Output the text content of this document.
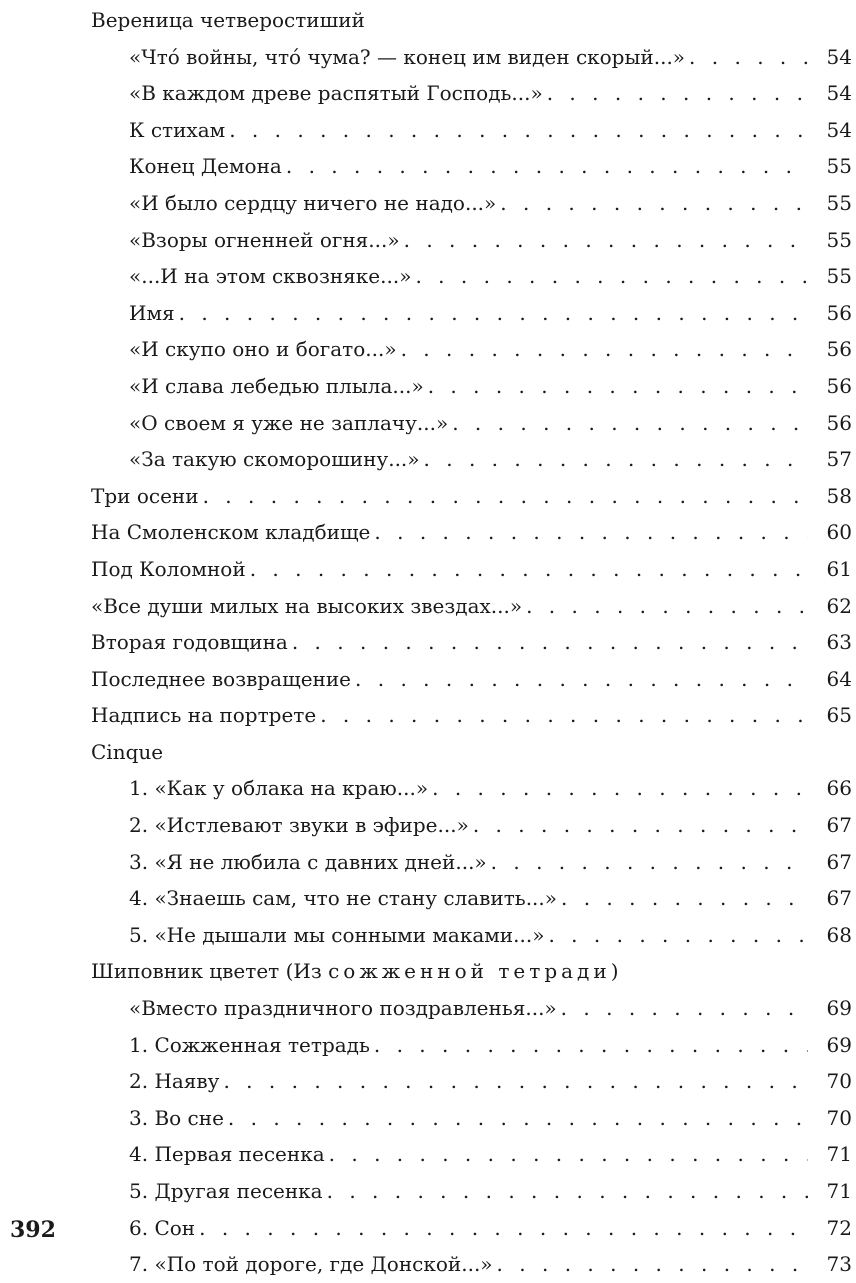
Вереница четверостиший
«Чтó войны, чтó чума? — конец им виден скорый...» . . .	54
«В каждом древе распятый Господь...» . . .	54
К стихам . . .	54
Конец Демона . . .	55
«И было сердцу ничего не надо...» . . .	55
«Взоры огненней огня...» . . .	55
«...И на этом сквозняке...» . . .	55
Имя . . .	56
«И скупо оно и богато...» . . .	56
«И слава лебедью плыла...» . . .	56
«О своем я уже не заплачу...» . . .	56
«За такую скоморошину...» . . .	57
Три осени . . .	58
На Смоленском кладбище . . .	60
Под Коломной . . .	61
«Все души милых на высоких звездах...» . . .	62
Вторая годовщина . . .	63
Последнее возвращение . . .	64
Надпись на портрете . . .	65
Cinque
1. «Как у облака на краю...» . . .	66
2. «Истлевают звуки в эфире...» . . .	67
3. «Я не любила с давних дней...» . . .	67
4. «Знаешь сам, что не стану славить...» . . .	67
5. «Не дышали мы сонными маками...» . . .	68
Шиповник цветет (Из сожженной тетради)
«Вместо праздничного поздравленья...» . . .	69
1. Сожженная тетрадь . . .	69
2. Наяву . . .	70
3. Во сне . . .	70
4. Первая песенка . . .	71
5. Другая песенка . . .	71
6. Сон . . .	72
7. «По той дороге, где Донской...» . . .	73
392
